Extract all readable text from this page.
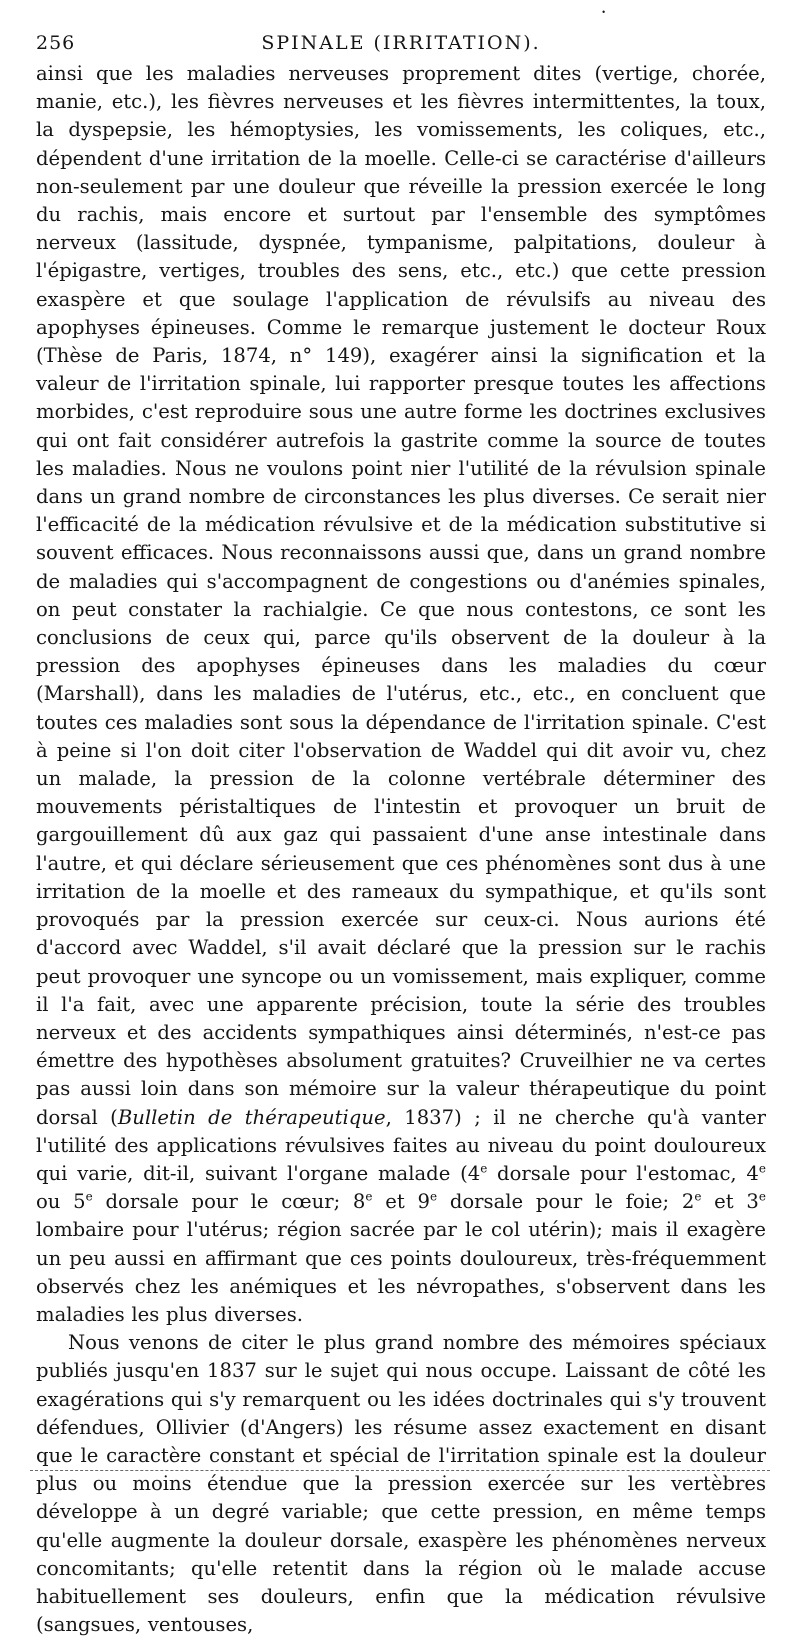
•
256	SPINALE (IRRITATION).

ainsi que les maladies nerveuses proprement dites (vertige, chorée, manie, etc.), les fièvres nerveuses et les fièvres intermittentes, la toux, la dyspepsie, les hémoptysies, les vomissements, les coliques, etc., dépendent d'une irritation de la moelle. Celle-ci se caractérise d'ailleurs non-seulement par une douleur que réveille la pression exercée le long du rachis, mais encore et surtout par l'ensemble des symptômes nerveux (lassitude, dyspnée, tympanisme, palpitations, douleur à l'épigastre, vertiges, troubles des sens, etc., etc.) que cette pression exaspère et que soulage l'application de révulsifs au niveau des apophyses épineuses. Comme le remarque justement le docteur Roux (Thèse de Paris, 1874, n° 149), exagérer ainsi la signification et la valeur de l'irritation spinale, lui rapporter presque toutes les affections morbides, c'est reproduire sous une autre forme les doctrines exclusives qui ont fait considérer autrefois la gastrite comme la source de toutes les maladies. Nous ne voulons point nier l'utilité de la révulsion spinale dans un grand nombre de circonstances les plus diverses. Ce serait nier l'efficacité de la médication révulsive et de la médication substitutive si souvent efficaces. Nous reconnaissons aussi que, dans un grand nombre de maladies qui s'accompagnent de congestions ou d'anémies spinales, on peut constater la rachialgie. Ce que nous contestons, ce sont les conclusions de ceux qui, parce qu'ils observent de la douleur à la pression des apophyses épineuses dans les maladies du cœur (Marshall), dans les maladies de l'utérus, etc., etc., en concluent que toutes ces maladies sont sous la dépendance de l'irritation spinale. C'est à peine si l'on doit citer l'observation de Waddel qui dit avoir vu, chez un malade, la pression de la colonne vertébrale déterminer des mouvements péristaltiques de l'intestin et provoquer un bruit de gargouillement dû aux gaz qui passaient d'une anse intestinale dans l'autre, et qui déclare sérieusement que ces phénomènes sont dus à une irritation de la moelle et des rameaux du sympathique, et qu'ils sont provoqués par la pression exercée sur ceux-ci. Nous aurions été d'accord avec Waddel, s'il avait déclaré que la pression sur le rachis peut provoquer une syncope ou un vomissement, mais expliquer, comme il l'a fait, avec une apparente précision, toute la série des troubles nerveux et des accidents sympathiques ainsi déterminés, n'est-ce pas émettre des hypothèses absolument gratuites? Cruveilhier ne va certes pas aussi loin dans son mémoire sur la valeur thérapeutique du point dorsal (Bulletin de thérapeutique, 1837) ; il ne cherche qu'à vanter l'utilité des applications révulsives faites au niveau du point douloureux qui varie, dit-il, suivant l'organe malade (4e dorsale pour l'estomac, 4e ou 5e dorsale pour le cœur; 8e et 9e dorsale pour le foie; 2e et 3e lombaire pour l'utérus; région sacrée par le col utérin); mais il exagère un peu aussi en affirmant que ces points douloureux, très-fréquemment observés chez les anémiques et les névropathes, s'observent dans les maladies les plus diverses.

Nous venons de citer le plus grand nombre des mémoires spéciaux publiés jusqu'en 1837 sur le sujet qui nous occupe. Laissant de côté les exagérations qui s'y remarquent ou les idées doctrinales qui s'y trouvent défendues, Ollivier (d'Angers) les résume assez exactement en disant que le caractère constant et spécial de l'irritation spinale est la douleur plus ou moins étendue que la pression exercée sur les vertèbres développe à un degré variable; que cette pression, en même temps qu'elle augmente la douleur dorsale, exaspère les phénomènes nerveux concomitants; qu'elle retentit dans la région où le malade accuse habituellement ses douleurs, enfin que la médication révulsive (sangsues, ventouses,
